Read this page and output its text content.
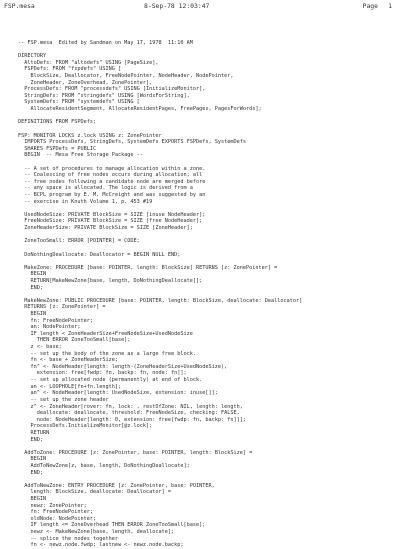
FSP.mesa	8-Sep-78 12:03:47	Page 1
-- FSP.mesa  Edited by Sandman on May 17, 1978  11:10 AM

DIRECTORY
AltoDefs: FROM "altodefs" USING [PageSize],
FSPDefs: FROM "fspdefs" USING [
BlockSize, Deallocator, FreeNodePointer, NodeHeader, NodePointer,
ZoneHeader, ZoneOverhead, ZonePointer],
ProcessDefs: FROM "processdefs" USING [InitializeMonitor],
StringDefs: FROM "stringdefs" USING [WordsForString],
SystemDefs: FROM "systemdefs" USING [
AllocateResidentSegment, AllocateResidentPages, FreePages, PagesForWords];

DEFINITIONS FROM FSPDefs;

FSP: MONITOR LOCKS z.lock USING z: ZonePointer
IMPORTS ProcessDefs, StringDefs, SystemDefs EXPORTS FSPDefs, SystemDefs
SHARES FSPDefs = PUBLIC
BEGIN  -- Mesa Free Storage Package --

-- A set of procedures to manage allocation within a zone.
-- Coalescing of free nodes occurs during allocation; all
-- free nodes following a candidate node are merged before
-- any space is allocated. The logic is derived from a
-- BCPL program by E. M. McCreight and was suggested by an
-- exercise in Knuth Volume 1, p. 453 #19

UsedNodeSize: PRIVATE BlockSize = SIZE [inuse NodeHeader];
FreeNodeSize: PRIVATE BlockSize = SIZE [free NodeHeader];
ZoneHeaderSize: PRIVATE BlockSize = SIZE [ZoneHeader];

ZoneTooSmall: ERROR [POINTER] = CODE;

DoNothingDeallocate: Deallocator = BEGIN NULL END;

MakeZone: PROCEDURE [base: POINTER, length: BlockSize] RETURNS [z: ZonePointer] =
BEGIN
RETURN[MakeNewZone[base, length, DoNothingDeallocate]];
END;

MakeNewZone: PUBLIC PROCEDURE [base: POINTER, length: BlockSize, deallocate: Deallocator]
RETURNS [z: ZonePointer] =
BEGIN
fn: FreeNodePointer;
an: NodePointer;
IF length < ZoneHeaderSize+FreeNodeSize+UsedNodeSize
THEN ERROR ZoneTooSmall[base];
z <- base;
-- set up the body of the zone as a large free block.
fn <- base + ZoneHeaderSize;
fn^ <- NodeHeader[length: length-(ZoneHeaderSize+UsedNodeSize),
extension: free[fwdp: fn, backp: fn, node: fn]];
-- set up allocated node (permanently) at end of block.
an <- LOOPHOLE[fn+fn.length];
an^ <- NodeHeader[length: UsedNodeSize, extension: inuse[]];
-- set up the zone header
z^ <- ZoneHeader[rover: fn, lock: , restOfZone: NIL, length: length,
deallocate: deallocate, threshold: FreeNodeSize, checking: FALSE,
node: NodeHeader[length: 0, extension: free[fwdp: fn, backp: fn]]];
ProcessDefs.InitializeMonitor[@z.lock];
RETURN
END;

AddToZone: PROCEDURE [z: ZonePointer, base: POINTER, length: BlockSize] =
BEGIN
AddToNewZone[z, base, length, DoNothingDeallocate];
END;

AddToNewZone: ENTRY PROCEDURE [z: ZonePointer, base: POINTER,
length: BlockSize, deallocate: Deallocator] =
BEGIN
newz: ZonePointer;
fn: FreeNodePointer;
oldNode: NodePointer;
IF length <= ZoneOverhead THEN ERROR ZoneTooSmall[base];
newz <- MakeNewZone[base, length, deallocate];
-- splice the nodes together
fn <- newz.node.fwdp; lastnew <- newz.node.backp;
